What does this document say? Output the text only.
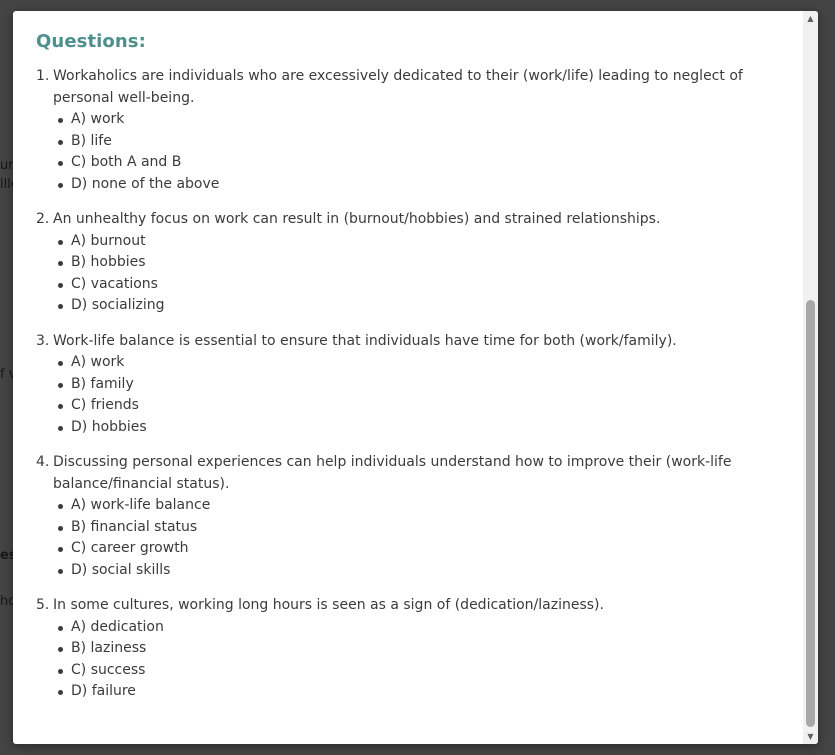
Questions:
1. Workaholics are individuals who are excessively dedicated to their (work/life) leading to neglect of personal well-being.
A) work
B) life
C) both A and B
D) none of the above
2. An unhealthy focus on work can result in (burnout/hobbies) and strained relationships.
A) burnout
B) hobbies
C) vacations
D) socializing
3. Work-life balance is essential to ensure that individuals have time for both (work/family).
A) work
B) family
C) friends
D) hobbies
4. Discussing personal experiences can help individuals understand how to improve their (work-life balance/financial status).
A) work-life balance
B) financial status
C) career growth
D) social skills
5. In some cultures, working long hours is seen as a sign of (dedication/laziness).
A) dedication
B) laziness
C) success
D) failure
▲
▼
